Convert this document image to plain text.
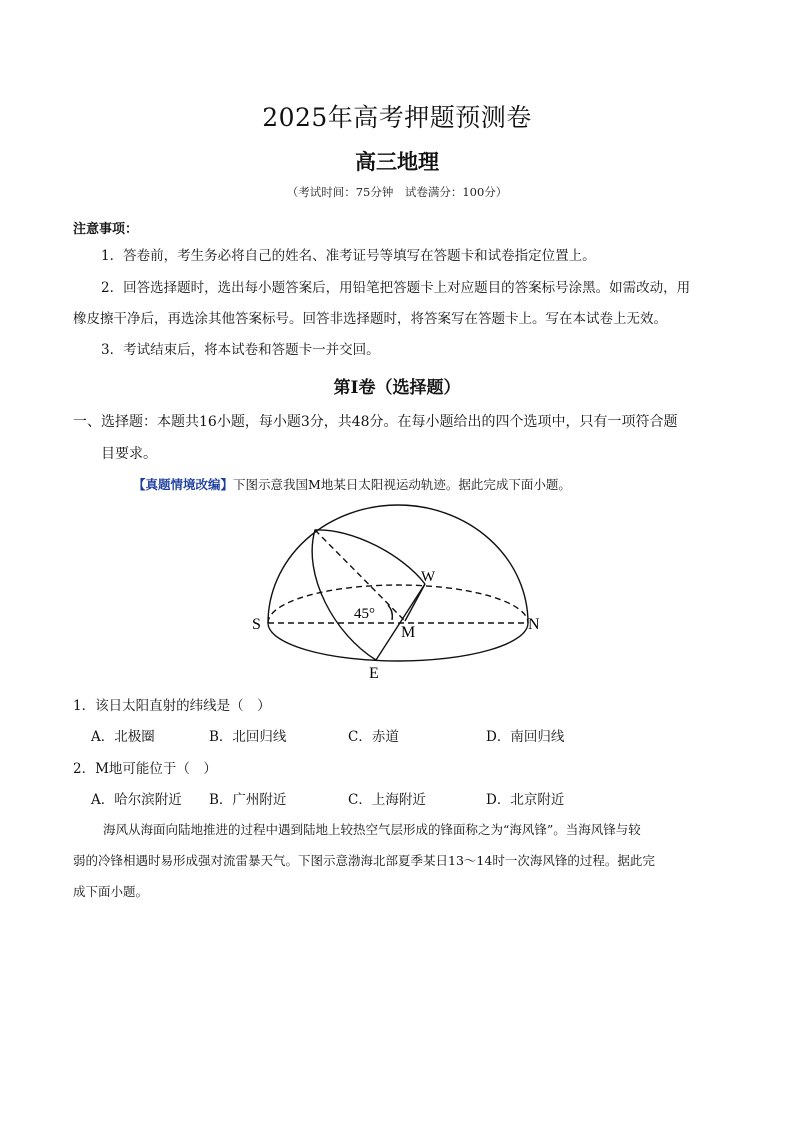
2025年高考押题预测卷
高三地理
（考试时间：75分钟　试卷满分：100分）
注意事项：
1．答卷前，考生务必将自己的姓名、准考证号等填写在答题卡和试卷指定位置上。
2．回答选择题时，选出每小题答案后，用铅笔把答题卡上对应题目的答案标号涂黑。如需改动，用
橡皮擦干净后，再选涂其他答案标号。回答非选择题时，将答案写在答题卡上。写在本试卷上无效。
3．考试结束后，将本试卷和答题卡一并交回。
第Ⅰ卷（选择题）
一、选择题：本题共16小题，每小题3分，共48分。在每小题给出的四个选项中，只有一项符合题
目要求。
【真题情境改编】下图示意我国M地某日太阳视运动轨迹。据此完成下面小题。
S	N
W
E
M
45°
1．该日太阳直射的纬线是（　）
A．北极圈	B．北回归线	C．赤道	D．南回归线
2．M地可能位于（　）
A．哈尔滨附近 B．广州附近	C．上海附近	D．北京附近
海风从海面向陆地推进的过程中遇到陆地上较热空气层形成的锋面称之为“海风锋”。当海风锋与较
弱的冷锋相遇时易形成强对流雷暴天气。下图示意渤海北部夏季某日13～14时一次海风锋的过程。据此完
成下面小题。
